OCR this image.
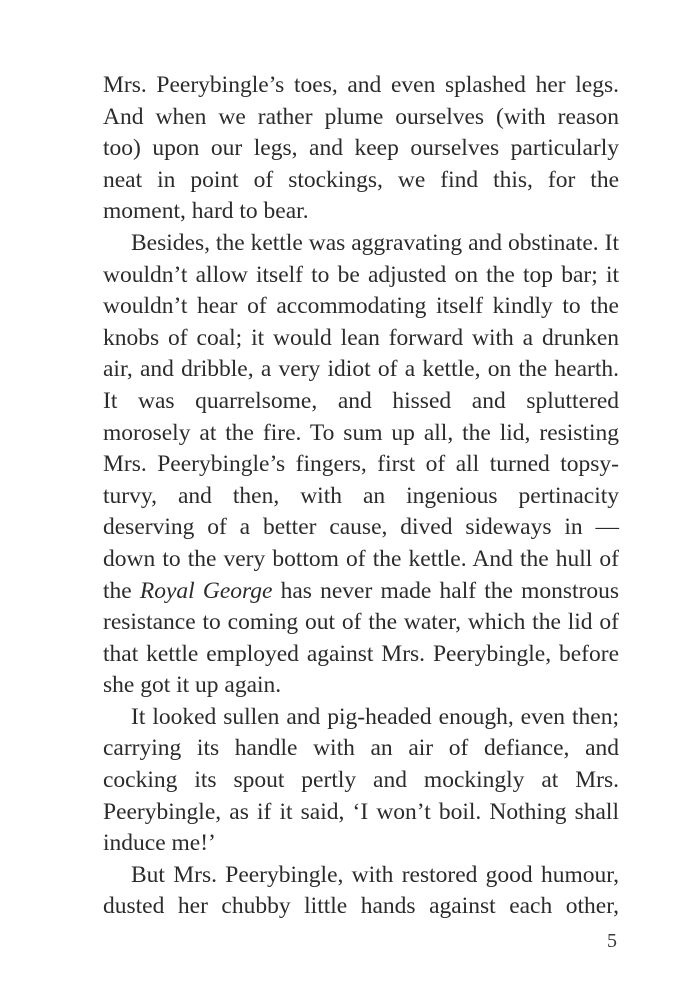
Mrs. Peerybingle’s toes, and even splashed her legs. And when we rather plume ourselves (with reason too) upon our legs, and keep ourselves particularly neat in point of stockings, we find this, for the moment, hard to bear.

Besides, the kettle was aggravating and obstinate. It wouldn’t allow itself to be adjusted on the top bar; it wouldn’t hear of accommodating itself kindly to the knobs of coal; it would lean forward with a drunken air, and dribble, a very idiot of a kettle, on the hearth. It was quarrelsome, and hissed and spluttered morosely at the fire. To sum up all, the lid, resisting Mrs. Peerybingle’s fingers, first of all turned topsy-turvy, and then, with an ingenious pertinacity deserving of a better cause, dived sideways in — down to the very bottom of the kettle. And the hull of the Royal George has never made half the monstrous resistance to coming out of the water, which the lid of that kettle employed against Mrs. Peerybingle, before she got it up again.

It looked sullen and pig-headed enough, even then; carrying its handle with an air of defiance, and cocking its spout pertly and mockingly at Mrs. Peerybingle, as if it said, ‘I won’t boil. Nothing shall induce me!’

But Mrs. Peerybingle, with restored good humour, dusted her chubby little hands against each other,

5
